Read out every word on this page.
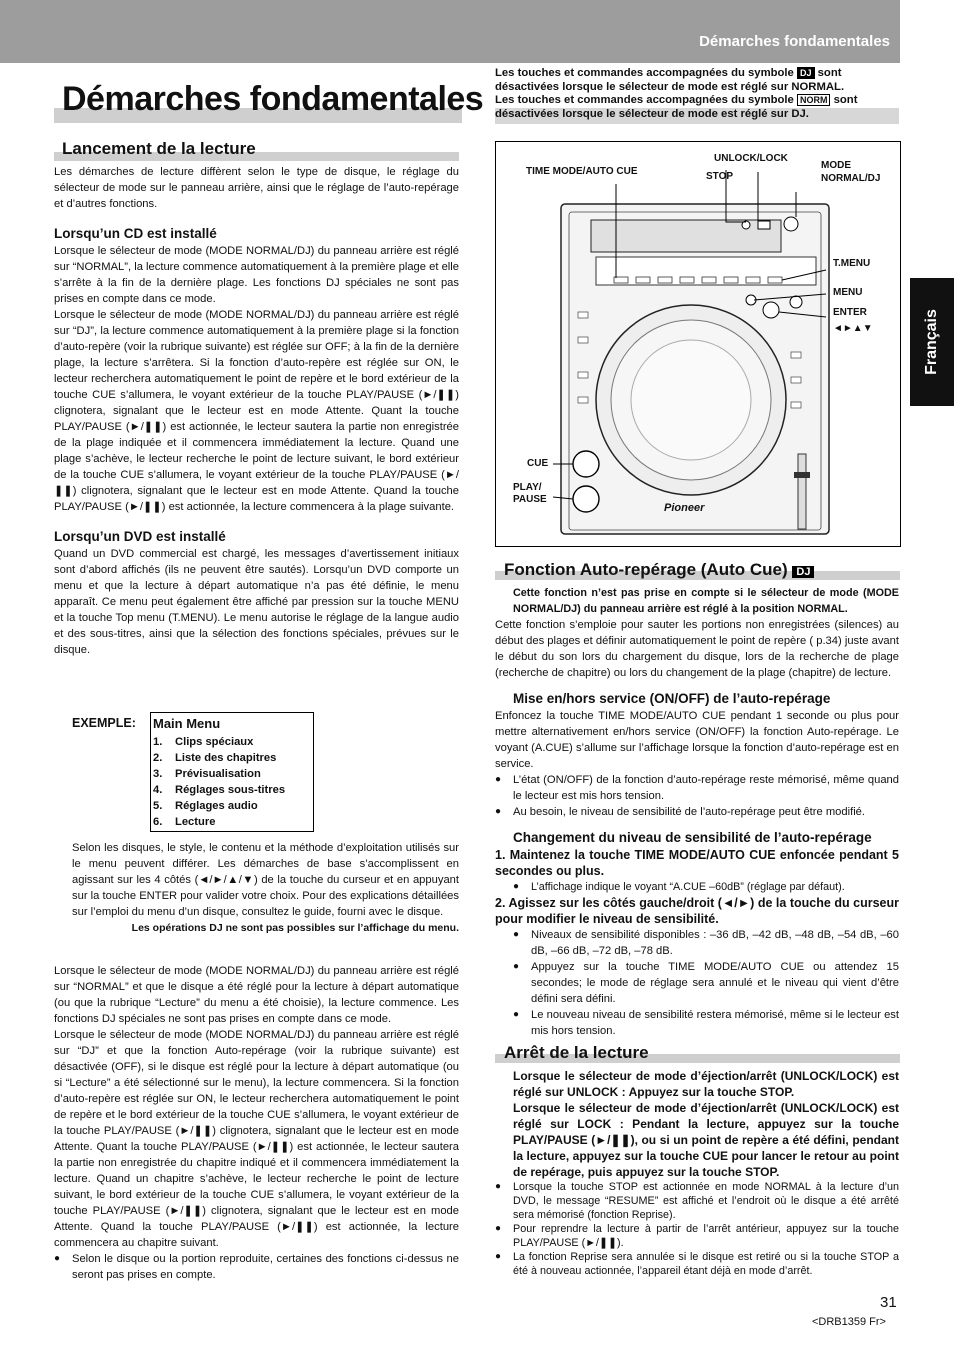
Démarches fondamentales
Français
Démarches fondamentales

Les touches et commandes accompagnées du symbole DJ sont désactivées lorsque le sélecteur de mode est réglé sur NORMAL.

Les touches et commandes accompagnées du symbole NORM sont désactivées lorsque le sélecteur de mode est réglé sur DJ.

Lancement de la lecture

Les démarches de lecture diffèrent selon le type de disque, le réglage du sélecteur de mode sur le panneau arrière, ainsi que le réglage de l’auto-repérage et d’autres fonctions.

Lorsqu’un CD est installé

Lorsque le sélecteur de mode (MODE NORMAL/DJ) du panneau arrière est réglé sur “NORMAL”, la lecture commence automatiquement à la première plage et elle s’arrête à la fin de la dernière plage. Les fonctions DJ spéciales ne sont pas prises en compte dans ce mode.

Lorsque le sélecteur de mode (MODE NORMAL/DJ) du panneau arrière est réglé sur “DJ”, la lecture commence automatiquement à la première plage si la fonction d’auto-repère (voir la rubrique suivante) est réglée sur OFF; à la fin de la dernière plage, la lecture s’arrêtera. Si la fonction d’auto-repère est réglée sur ON, le lecteur recherchera automatiquement le point de repère et le bord extérieur de la touche CUE s’allumera, le voyant extérieur de la touche PLAY/PAUSE (►/❚❚) clignotera, signalant que le lecteur est en mode Attente. Quant la touche PLAY/PAUSE (►/❚❚) est actionnée, le lecteur sautera la partie non enregistrée de la plage indiquée et il commencera immédiatement la lecture. Quand une plage s’achève, le lecteur recherche le point de lecture suivant, le bord extérieur de la touche CUE s’allumera, le voyant extérieur de la touche PLAY/PAUSE (►/❚❚) clignotera, signalant que le lecteur est en mode Attente. Quand la touche PLAY/PAUSE (►/❚❚) est actionnée, la lecture commencera à la plage suivante.

Lorsqu’un DVD est installé

Quand un DVD commercial est chargé, les messages d’avertissement initiaux sont d’abord affichés (ils ne peuvent être sautés). Lorsqu’un DVD comporte un menu et que la lecture à départ automatique n’a pas été définie, le menu apparaît. Ce menu peut également être affiché par pression sur la touche MENU et la touche Top menu (T.MENU). Le menu autorise le réglage de la langue audio et des sous-titres, ainsi que la sélection des fonctions spéciales, prévues sur le disque.

EXEMPLE: Main Menu
1.	Clips spéciaux
2.	Liste des chapitres
3.	Prévisualisation
4.	Réglages sous-titres
5.	Réglages audio
6.	Lecture

Selon les disques, le style, le contenu et la méthode d’exploitation utilisés sur le menu peuvent différer. Les démarches de base s’accomplissent en agissant sur les 4 côtés (◄/►/▲/▼) de la touche du curseur et en appuyant sur la touche ENTER pour valider votre choix. Pour des explications détaillées sur l’emploi du menu d’un disque, consultez le guide, fourni avec le disque.

Les opérations DJ ne sont pas possibles sur l’affichage du menu.

Lorsque le sélecteur de mode (MODE NORMAL/DJ) du panneau arrière est réglé sur “NORMAL” et que le disque a été réglé pour la lecture à départ automatique (ou que la rubrique “Lecture” du menu a été choisie), la lecture commence. Les fonctions DJ spéciales ne sont pas prises en compte dans ce mode.

Lorsque le sélecteur de mode (MODE NORMAL/DJ) du panneau arrière est réglé sur “DJ” et que la fonction Auto-repérage (voir la rubrique suivante) est désactivée (OFF), si le disque est réglé pour la lecture à départ automatique (ou si “Lecture” a été sélectionné sur le menu), la lecture commencera. Si la fonction d’auto-repère est réglée sur ON, le lecteur recherchera automatiquement le point de repère et le bord extérieur de la touche CUE s’allumera, le voyant extérieur de la touche PLAY/PAUSE (►/❚❚) clignotera, signalant que le lecteur est en mode Attente. Quant la touche PLAY/PAUSE (►/❚❚) est actionnée, le lecteur sautera la partie non enregistrée du chapitre indiqué et il commencera immédiatement la lecture. Quand un chapitre s’achève, le lecteur recherche le point de lecture suivant, le bord extérieur de la touche CUE s’allumera, le voyant extérieur de la touche PLAY/PAUSE (►/❚❚) clignotera, signalant que le lecteur est en mode Attente. Quand la touche PLAY/PAUSE (►/❚❚) est actionnée, la lecture commencera au chapitre suivant.

● Selon le disque ou la portion reproduite, certaines des fonctions ci-dessus ne seront pas prises en compte.

TIME MODE/AUTO CUE
UNLOCK/LOCK
STOP
MODE
NORMAL/DJ
T.MENU
MENU
ENTER
◄►▲▼
CUE
PLAY/
PAUSE
Pioneer
Fonction Auto-repérage (Auto Cue) DJ

Cette fonction n’est pas prise en compte si le sélecteur de mode (MODE NORMAL/DJ) du panneau arrière est réglé à la position NORMAL.

Cette fonction s’emploie pour sauter les portions non enregistrées (silences) au début des plages et définir automatiquement le point de repère ( p.34) juste avant le début du son lors du chargement du disque, lors de la recherche de plage (recherche de chapitre) ou lors du changement de la plage (chapitre) de lecture.

Mise en/hors service (ON/OFF) de l’auto-repérage

Enfoncez la touche TIME MODE/AUTO CUE pendant 1 seconde ou plus pour mettre alternativement en/hors service (ON/OFF) la fonction Auto-repérage. Le voyant (A.CUE) s’allume sur l’affichage lorsque la fonction d’auto-repérage est en service.

● L’état (ON/OFF) de la fonction d’auto-repérage reste mémorisé, même quand le lecteur est mis hors tension.

● Au besoin, le niveau de sensibilité de l’auto-repérage peut être modifié.

Changement du niveau de sensibilité de l’auto-repérage

1. Maintenez la touche TIME MODE/AUTO CUE enfoncée pendant 5 secondes ou plus.

● L’affichage indique le voyant “A.CUE –60dB” (réglage par défaut).

2. Agissez sur les côtés gauche/droit (◄/►) de la touche du curseur pour modifier le niveau de sensibilité.

● Niveaux de sensibilité disponibles : –36 dB, –42 dB, –48 dB, –54 dB, –60 dB, –66 dB, –72 dB, –78 dB.

● Appuyez sur la touche TIME MODE/AUTO CUE ou attendez 15 secondes; le mode de réglage sera annulé et le niveau qui vient d’être défini sera défini.

● Le nouveau niveau de sensibilité restera mémorisé, même si le lecteur est mis hors tension.

Arrêt de la lecture

Lorsque le sélecteur de mode d’éjection/arrêt (UNLOCK/LOCK) est réglé sur UNLOCK : Appuyez sur la touche STOP.

Lorsque le sélecteur de mode d’éjection/arrêt (UNLOCK/LOCK) est réglé sur LOCK : Pendant la lecture, appuyez sur la touche PLAY/PAUSE (►/❚❚), ou si un point de repère a été défini, pendant la lecture, appuyez sur la touche CUE pour lancer le retour au point de repérage, puis appuyez sur la touche STOP.

● Lorsque la touche STOP est actionnée en mode NORMAL à la lecture d’un DVD, le message “RESUME” est affiché et l’endroit où le disque a été arrêté sera mémorisé (fonction Reprise).

● Pour reprendre la lecture à partir de l’arrêt antérieur, appuyez sur la touche PLAY/PAUSE (►/❚❚).

● La fonction Reprise sera annulée si le disque est retiré ou si la touche STOP a été à nouveau actionnée, l’appareil étant déjà en mode d’arrêt.

31
<DRB1359 Fr>
